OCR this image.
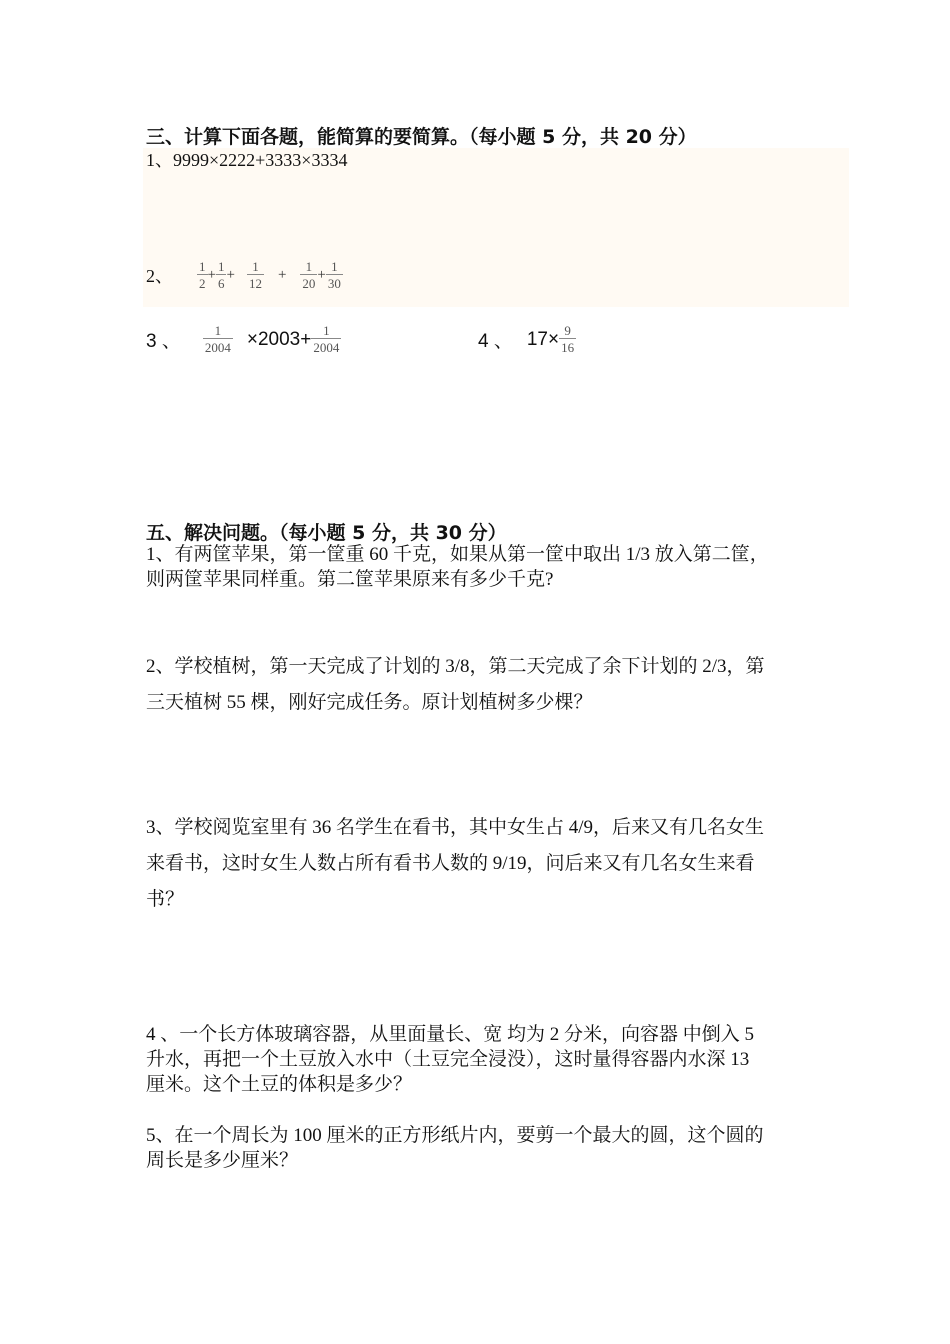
三、计算下面各题，能简算的要简算。（每小题 5 分，共 20 分）
1、9999×2222+3333×3334
2、 $\frac{1}{2} + \frac{1}{6} + \frac{1}{12} + \frac{1}{20} + \frac{1}{30}$
3 、 $\frac{1}{2004} \times 2003+ \frac{1}{2004}$	4 、 $17\times \frac{9}{16}$
五、解决问题。（每小题 5 分，共 30 分）
1、有两筐苹果，第一筐重 60 千克，如果从第一筐中取出 1/3 放入第二筐，
则两筐苹果同样重。第二筐苹果原来有多少千克?
2、学校植树，第一天完成了计划的 3/8，第二天完成了余下计划的 2/3，第
三天植树 55 棵，刚好完成任务。原计划植树多少棵？
3、学校阅览室里有 36 名学生在看书，其中女生占 4/9，后来又有几名女生
来看书，这时女生人数占所有看书人数的 9/19，问后来又有几名女生来看
书？
4 、一个长方体玻璃容器，从里面量长、宽 均为 2 分米，向容器 中倒入 5
升水，再把一个土豆放入水中（土豆完全浸没），这时量得容器内水深 13
厘米。这个土豆的体积是多少？
5、在一个周长为 100 厘米的正方形纸片内，要剪一个最大的圆，这个圆的
周长是多少厘米？
